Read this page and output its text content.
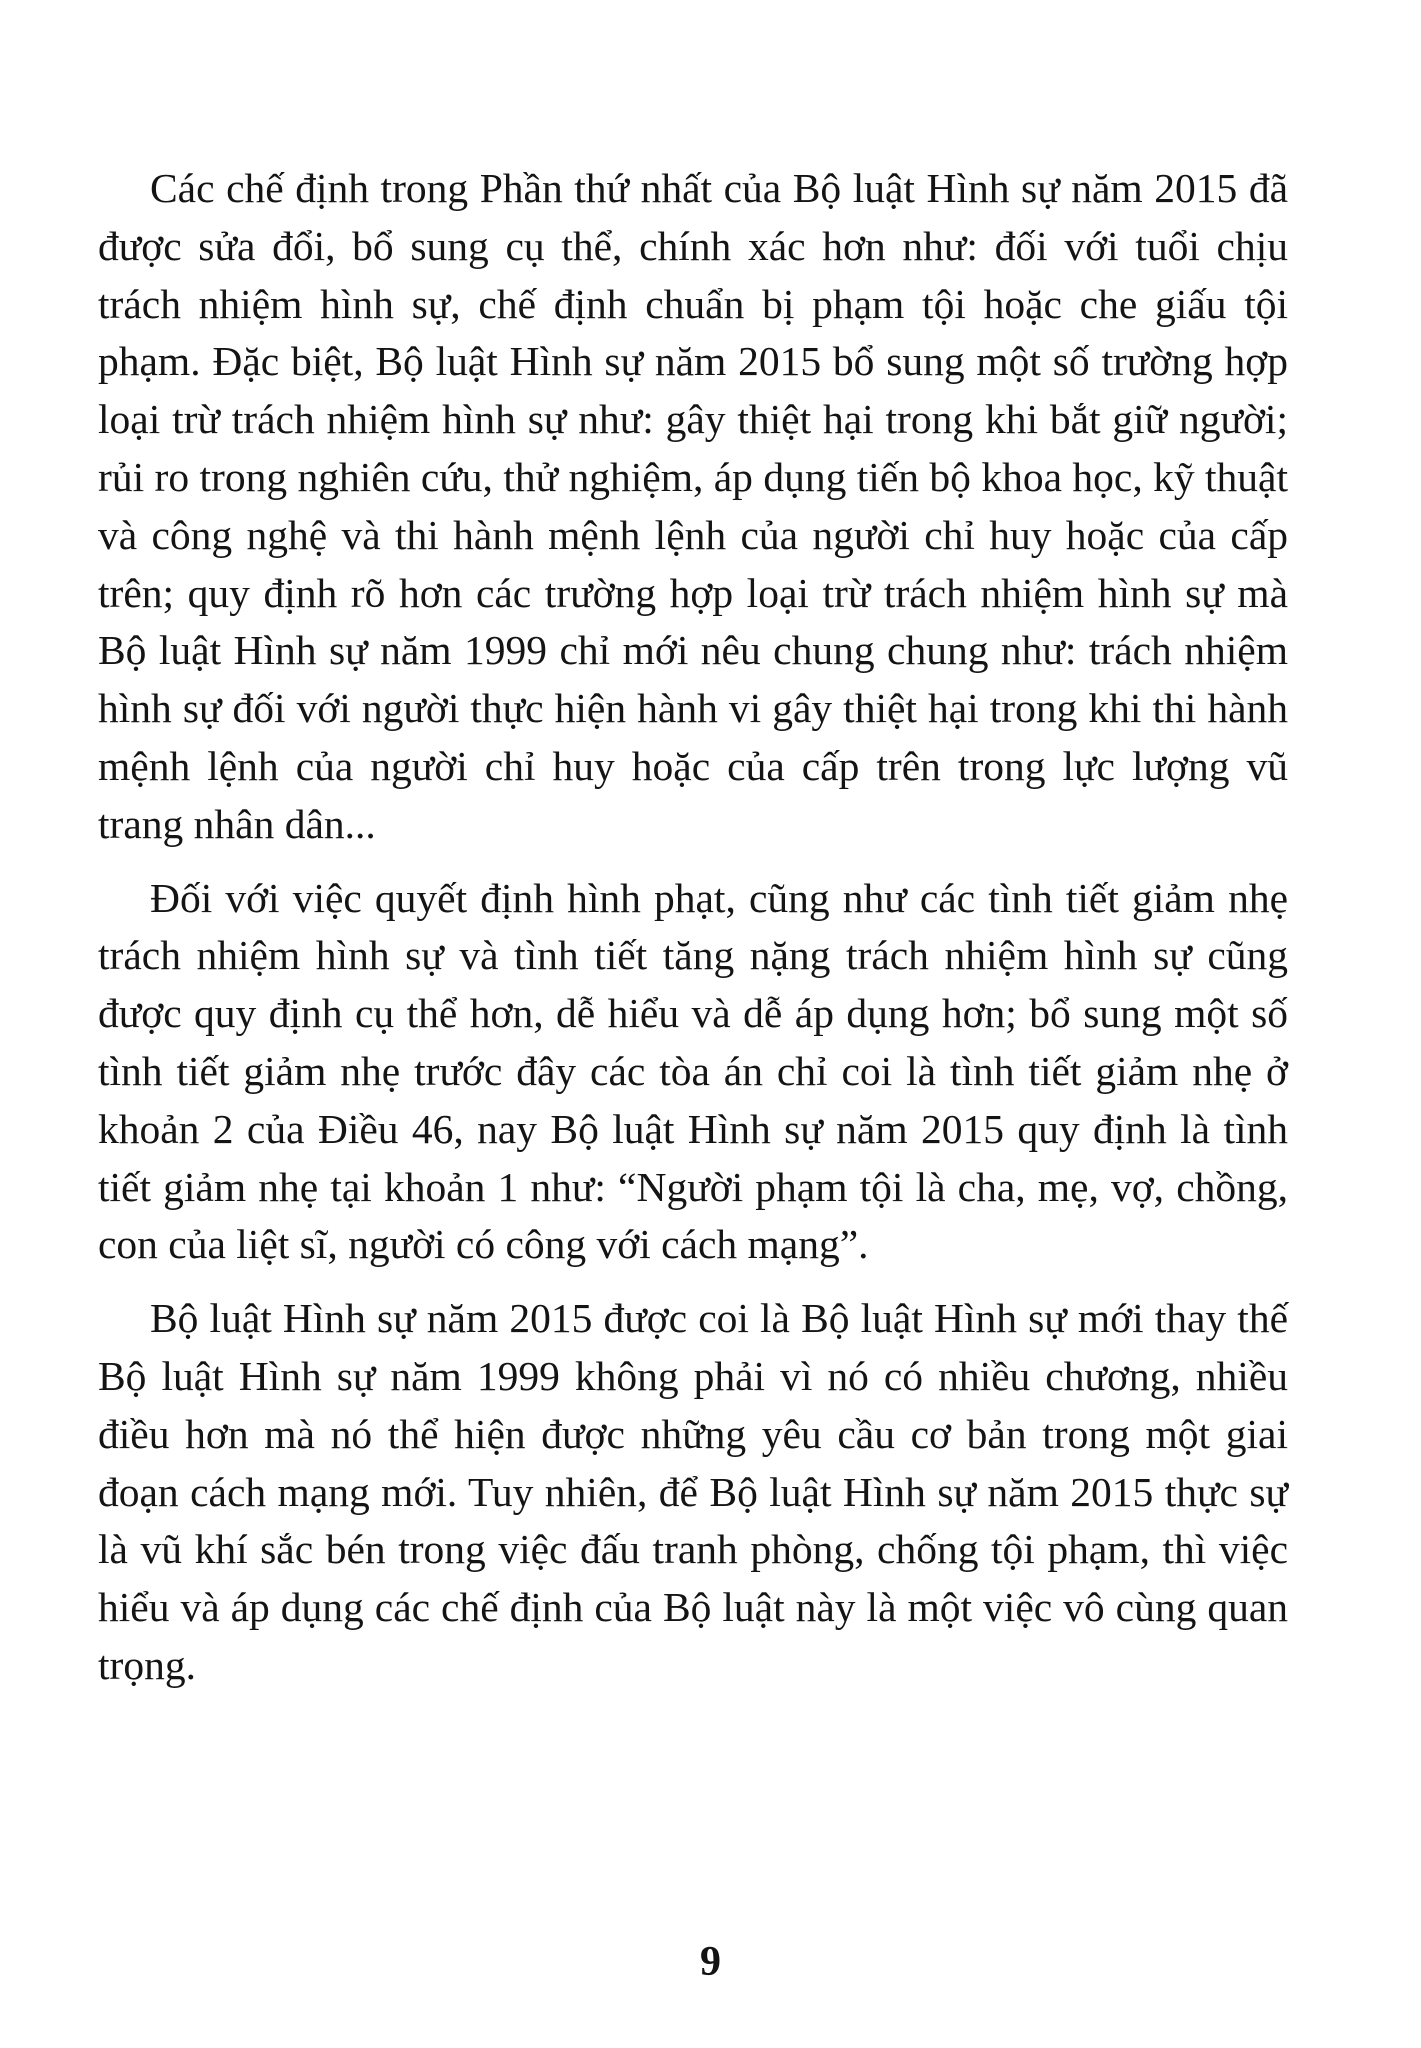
Các chế định trong Phần thứ nhất của Bộ luật Hình sự năm 2015 đã được sửa đổi, bổ sung cụ thể, chính xác hơn như: đối với tuổi chịu trách nhiệm hình sự, chế định chuẩn bị phạm tội hoặc che giấu tội phạm. Đặc biệt, Bộ luật Hình sự năm 2015 bổ sung một số trường hợp loại trừ trách nhiệm hình sự như: gây thiệt hại trong khi bắt giữ người; rủi ro trong nghiên cứu, thử nghiệm, áp dụng tiến bộ khoa học, kỹ thuật và công nghệ và thi hành mệnh lệnh của người chỉ huy hoặc của cấp trên; quy định rõ hơn các trường hợp loại trừ trách nhiệm hình sự mà Bộ luật Hình sự năm 1999 chỉ mới nêu chung chung như: trách nhiệm hình sự đối với người thực hiện hành vi gây thiệt hại trong khi thi hành mệnh lệnh của người chỉ huy hoặc của cấp trên trong lực lượng vũ trang nhân dân...

Đối với việc quyết định hình phạt, cũng như các tình tiết giảm nhẹ trách nhiệm hình sự và tình tiết tăng nặng trách nhiệm hình sự cũng được quy định cụ thể hơn, dễ hiểu và dễ áp dụng hơn; bổ sung một số tình tiết giảm nhẹ trước đây các tòa án chỉ coi là tình tiết giảm nhẹ ở khoản 2 của Điều 46, nay Bộ luật Hình sự năm 2015 quy định là tình tiết giảm nhẹ tại khoản 1 như: “Người phạm tội là cha, mẹ, vợ, chồng, con của liệt sĩ, người có công với cách mạng”.

Bộ luật Hình sự năm 2015 được coi là Bộ luật Hình sự mới thay thế Bộ luật Hình sự năm 1999 không phải vì nó có nhiều chương, nhiều điều hơn mà nó thể hiện được những yêu cầu cơ bản trong một giai đoạn cách mạng mới. Tuy nhiên, để Bộ luật Hình sự năm 2015 thực sự là vũ khí sắc bén trong việc đấu tranh phòng, chống tội phạm, thì việc hiểu và áp dụng các chế định của Bộ luật này là một việc vô cùng quan trọng.

9
